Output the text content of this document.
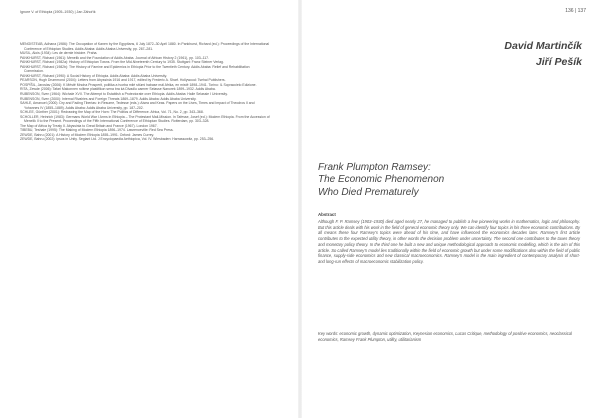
Ignore V. of Ethiopia (1905–1930) | Jan Záhořík

MENGISTEAB, Adhana (1986): The Occupation of Kanen by the Egyptians, 6 July 1872–30 April 1880. In Pankhurst, Richard (ed.): Proceedings of the International Conference of Ethiopian Studies. Addis Ababa: Addis Ababa University, pp. 267–281.

MUSIL, Alois (1934): Les de dernie histoire. Praha.

PANKHURST, Richard (1961): Menelik and the Foundation of Addis Ababa. Journal of African History 2 (1961), pp. 103–117.

PANKHURST, Richard (1982a): History of Ethiopian Towns. From the Mid-Nineteenth Century to 1935. Stuttgart: Franz Steiner Verlag.

PANKHURST, Richard (1982b): The History of Famine and Epidemics in Ethiopia Prior to the Twentieth Century. Addis Ababa: Relief and Rehabilitation Commission.

PANKHURST, Richard (1990): A Social History of Ethiopia. Addis Ababa: Addis Ababa University.

PEARSON, Hugh Drummond (2004): Letters from Abyssinia 1916 and 1917, edited by Frederic A. Sharf. Hollywood: Tsehai Publishers.

POSPÍŠIL, Jaroslav (2006): K Městě Mnoha Prosperit, politika a tvorba milé sitúmi habase mál Afrika, en místě 1898–1941. Torino: IL Sopraccielo Edizione.

RITA, Zewde (2006): Tafari Makonnen rolitme plastifikon sena bra ká Dlvadlu camrer Selasse Nanorek 1899–1932. Addis Ababa.

RUBENSON, Sven (1964): Wichale XVII. The Attempt to Establish a Protectorate over Ethiopia. Addis Ababa: Haile Selassie I University.

RUBENSON, Sven (2000): Internal Rivalries and Foreign Threats 1869–1879. Addis Ababa: Addis Ababa University.

SAHLE, Amanuel (2000): Dry and Fading Tiberias: in Resume, Tedesse (eds.): Aisea and Keas. Papers on the Lives, Times and Impact of Theodros II and Yohannes IV (1855–1889). Addis Ababa: Addis Ababa University, pp. 187–202.

SCHLEE, Günther (2001): Redrawing the Map of the Horn: The Politics of Difference. Africa, Vol. 71, No. 2, pp. 343–368.

SCHOLLER, Heinrich (1983): Germans World War I Arms in Ethiopia – The Protestant Mail-Mission. In Tafesse, Josef (ed.): Modern Ethiopia. From the Accession of Menelik II to the Present. Proceedings of the Fifth International Conference of Ethiopian Studies. Rotterdam, pp. 303–328.

The Map of Africa by Treaty II. Abyssinia to Great Britain and France (1967). London 1967.

TIBEBU, Teshale (1995): The Making of Modern Ethiopia 1896–1974. Lawrenceville: Red Sea Press.

ZEWDE, Bahru (2001): A History of Modern Ethiopia 1855–1991. Oxford: James Currey.

ZEWDE, Bahru (2002): Ipsos in Unity. Seglant Ltd. J Encyclopaedia Aethiopica, Vol. IV. Wiesbaden: Harrassowitz, pp. 253–256.

136 | 137
David Martinčík
Jiří Pešík
Frank Plumpton Ramsey:
The Economic Phenomenon
Who Died Prematurely
Abstract

Although F. P. Ramsey (1903–1930) died aged nearly 27, he managed to publish a few pioneering works in mathematics, logic and philosophy. But this article deals with his work in the field of general economic theory only. We can identify four topics in his three economic contributions. By all means these four Ramsey’s topics were ahead of his time, and have influenced the economics decades later. Ramsey’s first article contributes to the expected utility theory, in other words the decision problem under uncertainty. The second one contributes to the taxes theory and monetary policy theory. In the third one he built a new and unique methodological approach to economic modelling, which is the aim of this article. So called Ramsey’s model lies traditionally within the field of economic growth but under some modifications also within the field of public finance, supply-side economics and new classical macroeconomics. Ramsey’s model is the main ingredient of contemporary analysis of short-and long-run effects of macroeconomic stabilization policy.

Key words: economic growth, dynamic optimization, Keynesian economics, Lucas Critique, methodology of positive economics, neoclassical economics, Ramsey Frank Plumpton, utility, utilitarianism
